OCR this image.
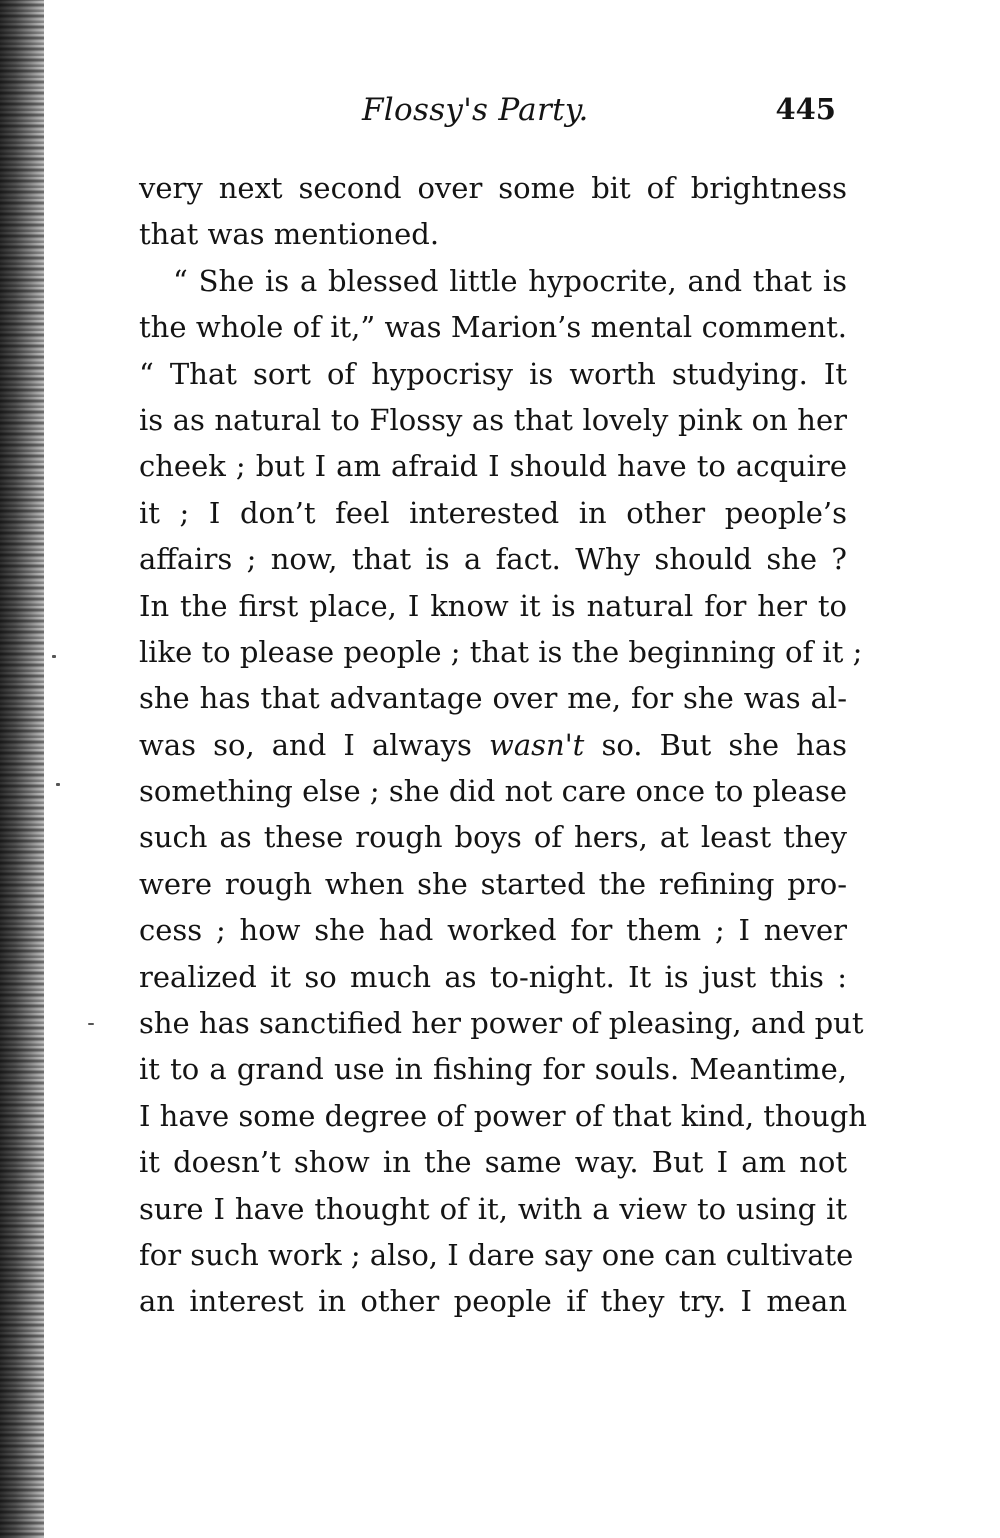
Flossy's Party.	445
very next second over some bit of brightness
that was mentioned.
“ She is a blessed little hypocrite, and that is
the whole of it,” was Marion’s mental comment.
“ That sort of hypocrisy is worth studying. It
is as natural to Flossy as that lovely pink on her
cheek ; but I am afraid I should have to acquire
it ; I don’t feel interested in other people’s
affairs ; now, that is a fact. Why should she ?
In the first place, I know it is natural for her to
like to please people ; that is the beginning of it ;
she has that advantage over me, for she was al-
was so, and I always wasn't so. But she has
something else ; she did not care once to please
such as these rough boys of hers, at least they
were rough when she started the refining pro-
cess ; how she had worked for them ; I never
realized it so much as to-night. It is just this :
she has sanctified her power of pleasing, and put
it to a grand use in fishing for souls. Meantime,
I have some degree of power of that kind, though
it doesn’t show in the same way. But I am not
sure I have thought of it, with a view to using it
for such work ; also, I dare say one can cultivate
an interest in other people if they try. I mean
